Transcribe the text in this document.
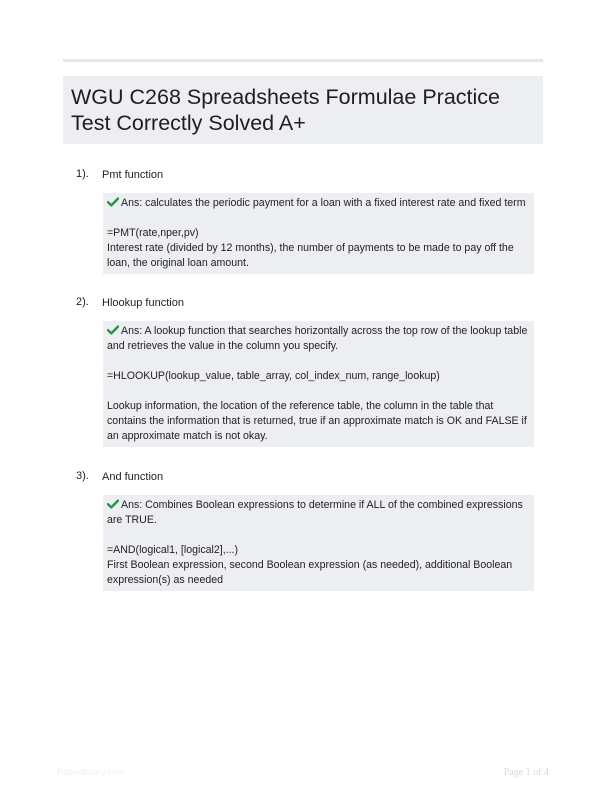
WGU C268 Spreadsheets Formulae Practice Test Correctly Solved A+
1). Pmt function

Ans: calculates the periodic payment for a loan with a fixed interest rate and fixed term

=PMT(rate,nper,pv)

Interest rate (divided by 12 months), the number of payments to be made to pay off the loan, the original loan amount.

2). Hlookup function

Ans: A lookup function that searches horizontally across the top row of the lookup table and retrieves the value in the column you specify.

=HLOOKUP(lookup_value, table_array, col_index_num, range_lookup)

Lookup information, the location of the reference table, the column in the table that contains the information that is returned, true if an approximate match is OK and FALSE if an approximate match is not okay.

3). And function

Ans: Combines Boolean expressions to determine if ALL of the combined expressions are TRUE.

=AND(logical1, [logical2],...)

First Boolean expression, second Boolean expression (as needed), additional Boolean expression(s) as needed

Paperlibrary.com	Page 1 of 4
